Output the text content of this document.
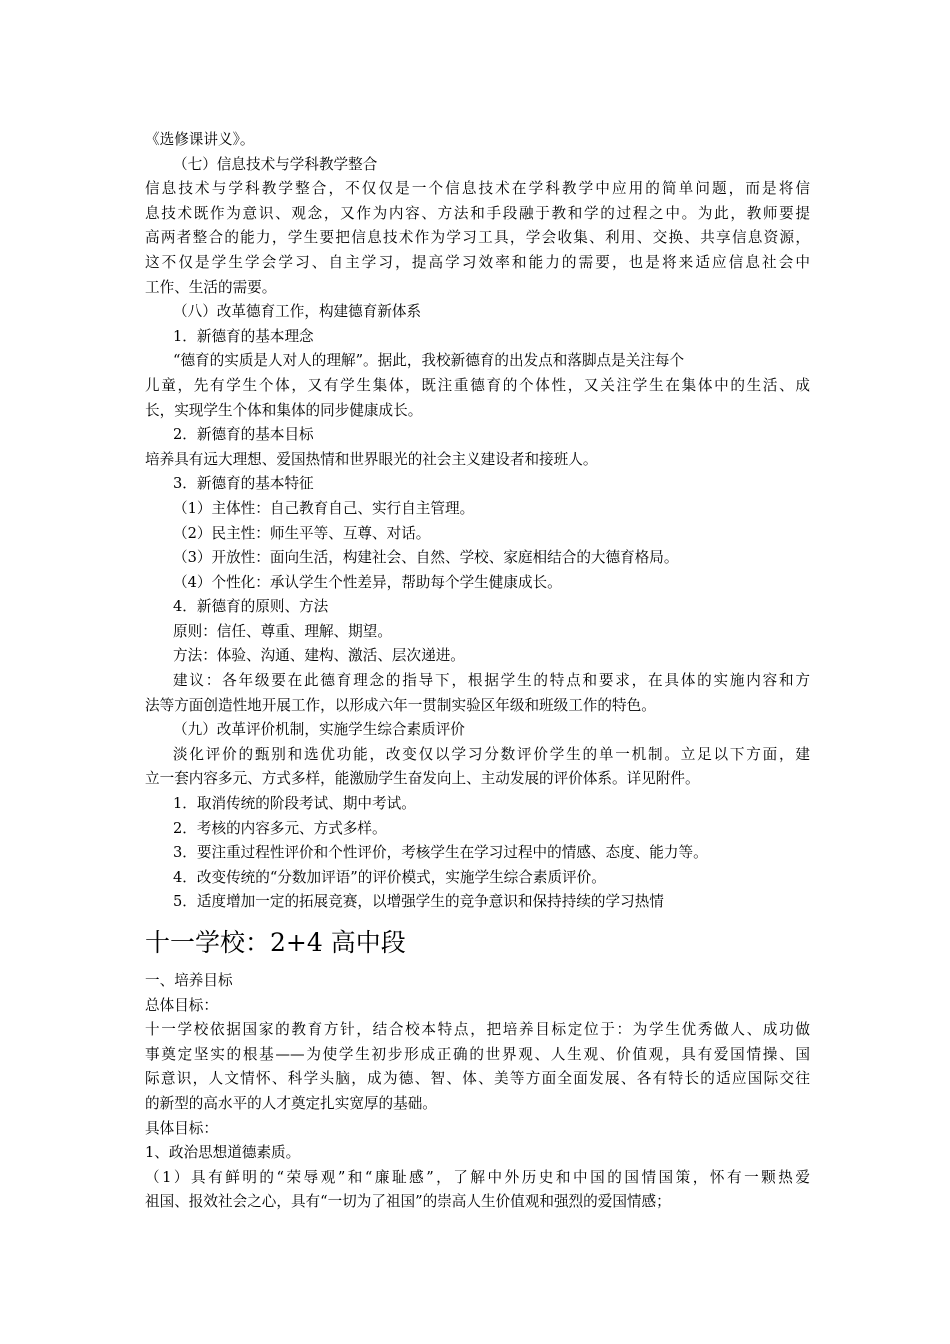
《选修课讲义》。
（七）信息技术与学科教学整合
信息技术与学科教学整合，不仅仅是一个信息技术在学科教学中应用的简单问题，而是将信
息技术既作为意识、观念，又作为内容、方法和手段融于教和学的过程之中。为此，教师要提
高两者整合的能力，学生要把信息技术作为学习工具，学会收集、利用、交换、共享信息资源，
这不仅是学生学会学习、自主学习，提高学习效率和能力的需要，也是将来适应信息社会中
工作、生活的需要。
（八）改革德育工作，构建德育新体系
1．新德育的基本理念
“德育的实质是人对人的理解”。据此，我校新德育的出发点和落脚点是关注每个
儿童，先有学生个体，又有学生集体，既注重德育的个体性，又关注学生在集体中的生活、成
长，实现学生个体和集体的同步健康成长。
2．新德育的基本目标
培养具有远大理想、爱国热情和世界眼光的社会主义建设者和接班人。
3．新德育的基本特征
（1）主体性：自己教育自己、实行自主管理。
（2）民主性：师生平等、互尊、对话。
（3）开放性：面向生活，构建社会、自然、学校、家庭相结合的大德育格局。
（4）个性化：承认学生个性差异，帮助每个学生健康成长。
4．新德育的原则、方法
原则：信任、尊重、理解、期望。
方法：体验、沟通、建构、激活、层次递进。
建议：各年级要在此德育理念的指导下，根据学生的特点和要求，在具体的实施内容和方
法等方面创造性地开展工作，以形成六年一贯制实验区年级和班级工作的特色。
（九）改革评价机制，实施学生综合素质评价
淡化评价的甄别和选优功能，改变仅以学习分数评价学生的单一机制。立足以下方面，建
立一套内容多元、方式多样，能激励学生奋发向上、主动发展的评价体系。详见附件。
1．取消传统的阶段考试、期中考试。
2．考核的内容多元、方式多样。
3．要注重过程性评价和个性评价，考核学生在学习过程中的情感、态度、能力等。
4．改变传统的“分数加评语”的评价模式，实施学生综合素质评价。
5．适度增加一定的拓展竞赛，以增强学生的竞争意识和保持持续的学习热情
十一学校：2+4 高中段
一、培养目标
总体目标：
十一学校依据国家的教育方针，结合校本特点，把培养目标定位于：为学生优秀做人、成功做
事奠定坚实的根基——为使学生初步形成正确的世界观、人生观、价值观，具有爱国情操、国
际意识，人文情怀、科学头脑，成为德、智、体、美等方面全面发展、各有特长的适应国际交往
的新型的高水平的人才奠定扎实宽厚的基础。
具体目标：
1、政治思想道德素质。
（1）具有鲜明的“荣辱观”和“廉耻感”，了解中外历史和中国的国情国策，怀有一颗热爱
祖国、报效社会之心，具有“一切为了祖国”的崇高人生价值观和强烈的爱国情感；
